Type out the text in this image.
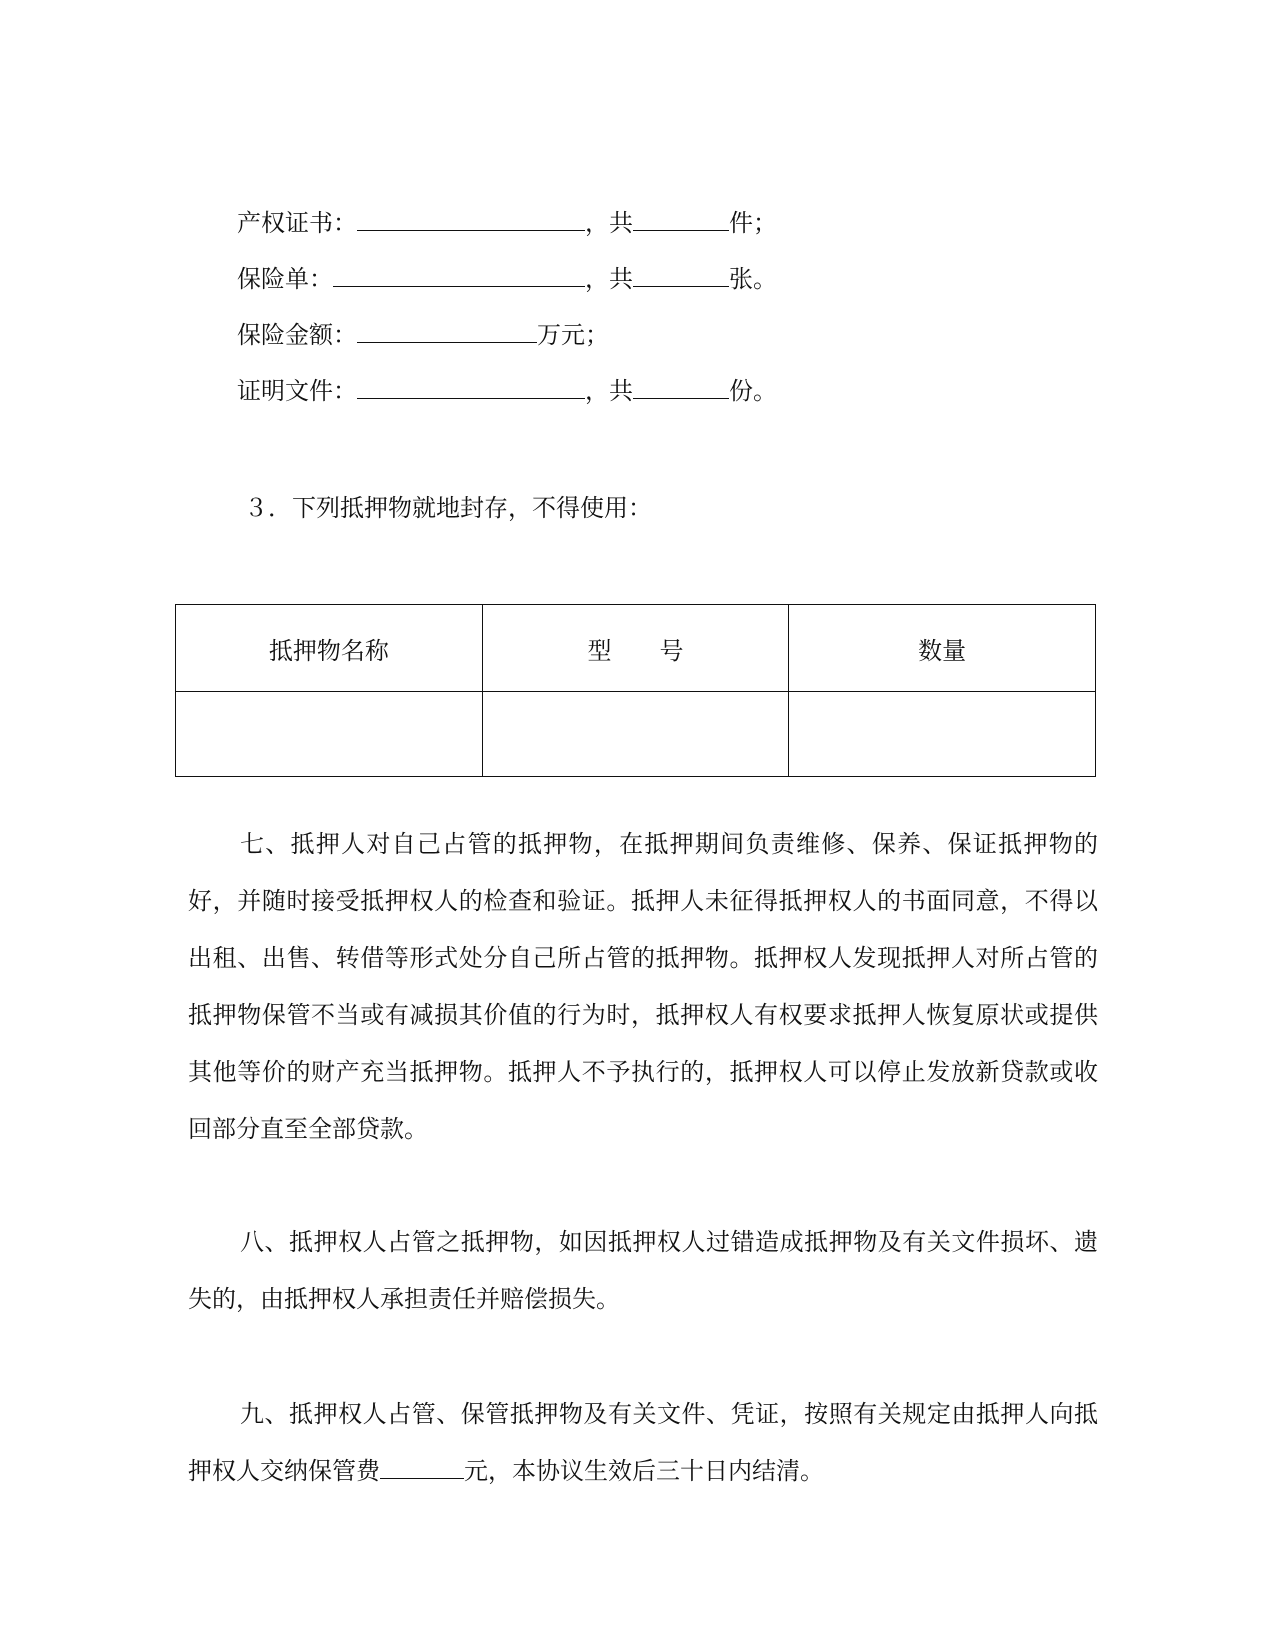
产权证书：	，共	件；
保险单：	，共	张。
保险金额：	万元；
证明文件：	，共	份。
３．下列抵押物就地封存，不得使用：
抵押物名称	型　　号	数量

七、抵押人对自己占管的抵押物，在抵押期间负责维修、保养、保证抵押物的好，并随时接受抵押权人的检查和验证。抵押人未征得抵押权人的书面同意，不得以出租、出售、转借等形式处分自己所占管的抵押物。抵押权人发现抵押人对所占管的抵押物保管不当或有减损其价值的行为时，抵押权人有权要求抵押人恢复原状或提供其他等价的财产充当抵押物。抵押人不予执行的，抵押权人可以停止发放新贷款或收回部分直至全部贷款。
八、抵押权人占管之抵押物，如因抵押权人过错造成抵押物及有关文件损坏、遗失的，由抵押权人承担责任并赔偿损失。
九、抵押权人占管、保管抵押物及有关文件、凭证，按照有关规定由抵押人向抵押权人交纳保管费	元，本协议生效后三十日内结清。
